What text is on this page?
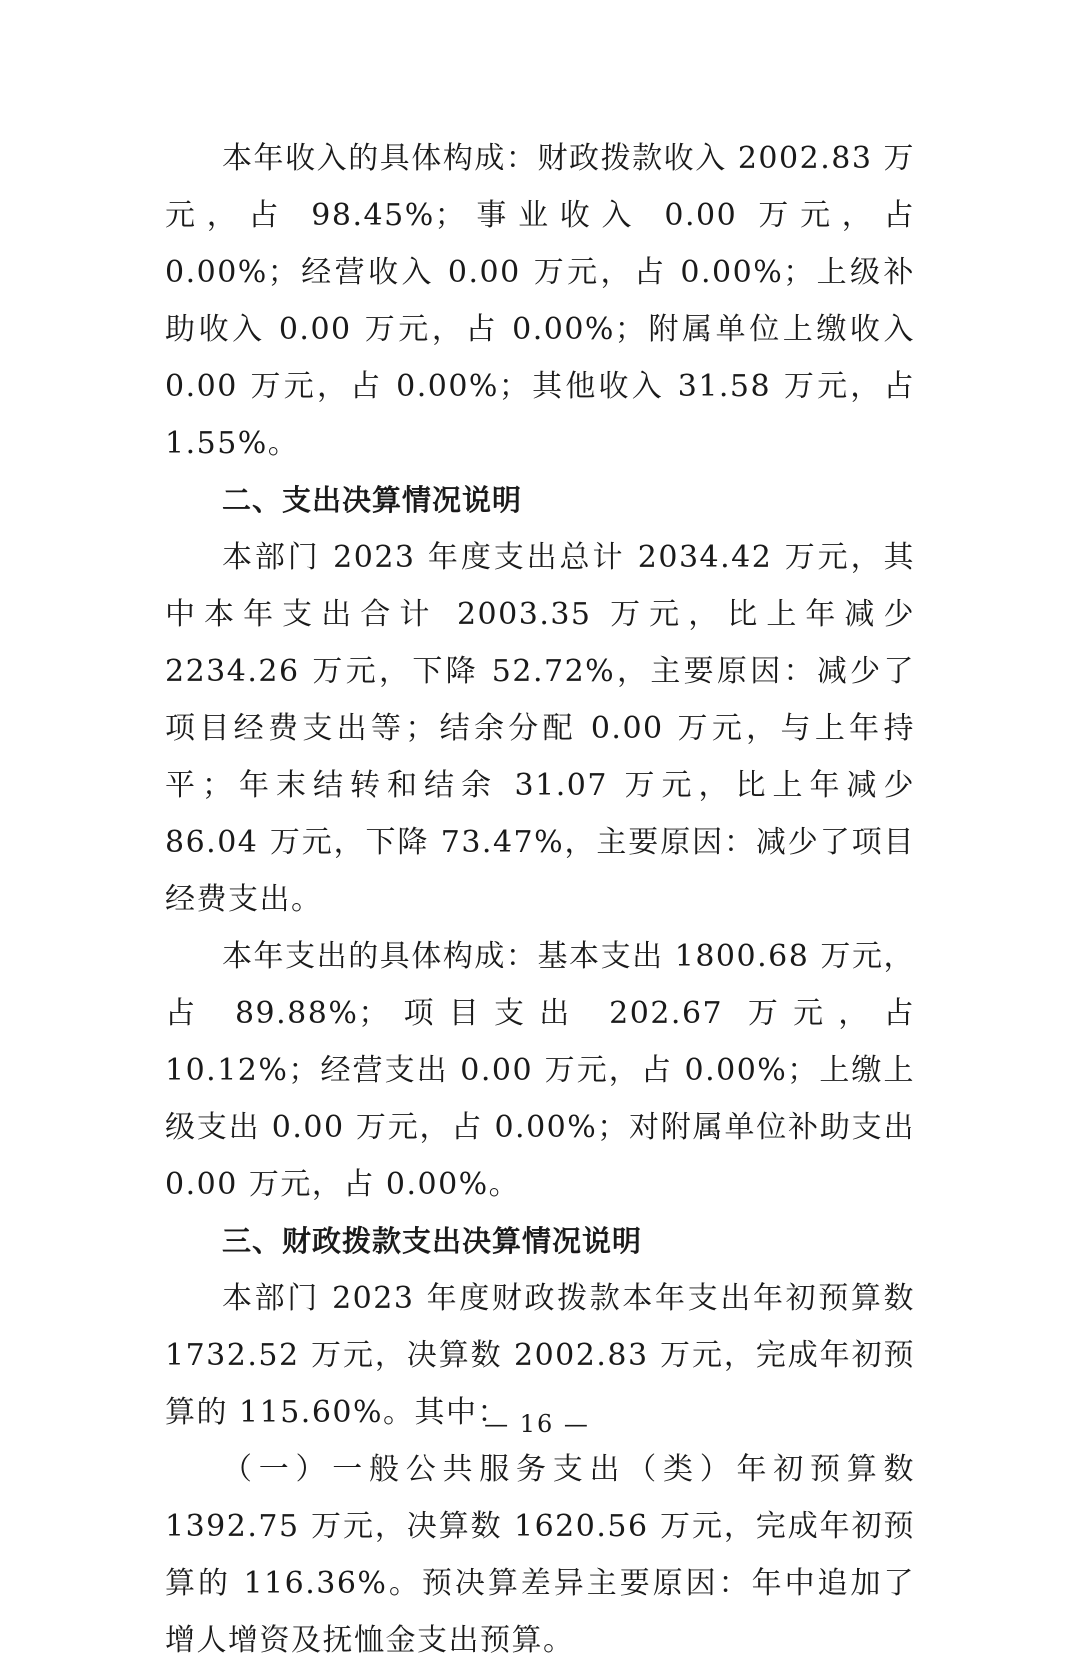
本年收入的具体构成：财政拨款收入 2002.83 万元，占 98.45%；事业收入 0.00 万元，占 0.00%；经营收入 0.00 万元，占 0.00%；上级补助收入 0.00 万元，占 0.00%；附属单位上缴收入 0.00 万元，占 0.00%；其他收入 31.58 万元，占 1.55%。

二、支出决算情况说明

本部门 2023 年度支出总计 2034.42 万元，其中本年支出合计 2003.35 万元，比上年减少 2234.26 万元，下降 52.72%，主要原因：减少了项目经费支出等；结余分配 0.00 万元，与上年持平；年末结转和结余 31.07 万元，比上年减少 86.04 万元，下降 73.47%，主要原因：减少了项目经费支出。

本年支出的具体构成：基本支出 1800.68 万元，占 89.88%；项目支出 202.67 万元，占 10.12%；经营支出 0.00 万元，占 0.00%；上缴上级支出 0.00 万元，占 0.00%；对附属单位补助支出 0.00 万元，占 0.00%。

三、财政拨款支出决算情况说明

本部门 2023 年度财政拨款本年支出年初预算数 1732.52 万元，决算数 2002.83 万元，完成年初预算的 115.60%。其中：

（一）一般公共服务支出（类）年初预算数 1392.75 万元，决算数 1620.56 万元，完成年初预算的 116.36%。预决算差异主要原因：年中追加了增人增资及抚恤金支出预算。

— 16 —
